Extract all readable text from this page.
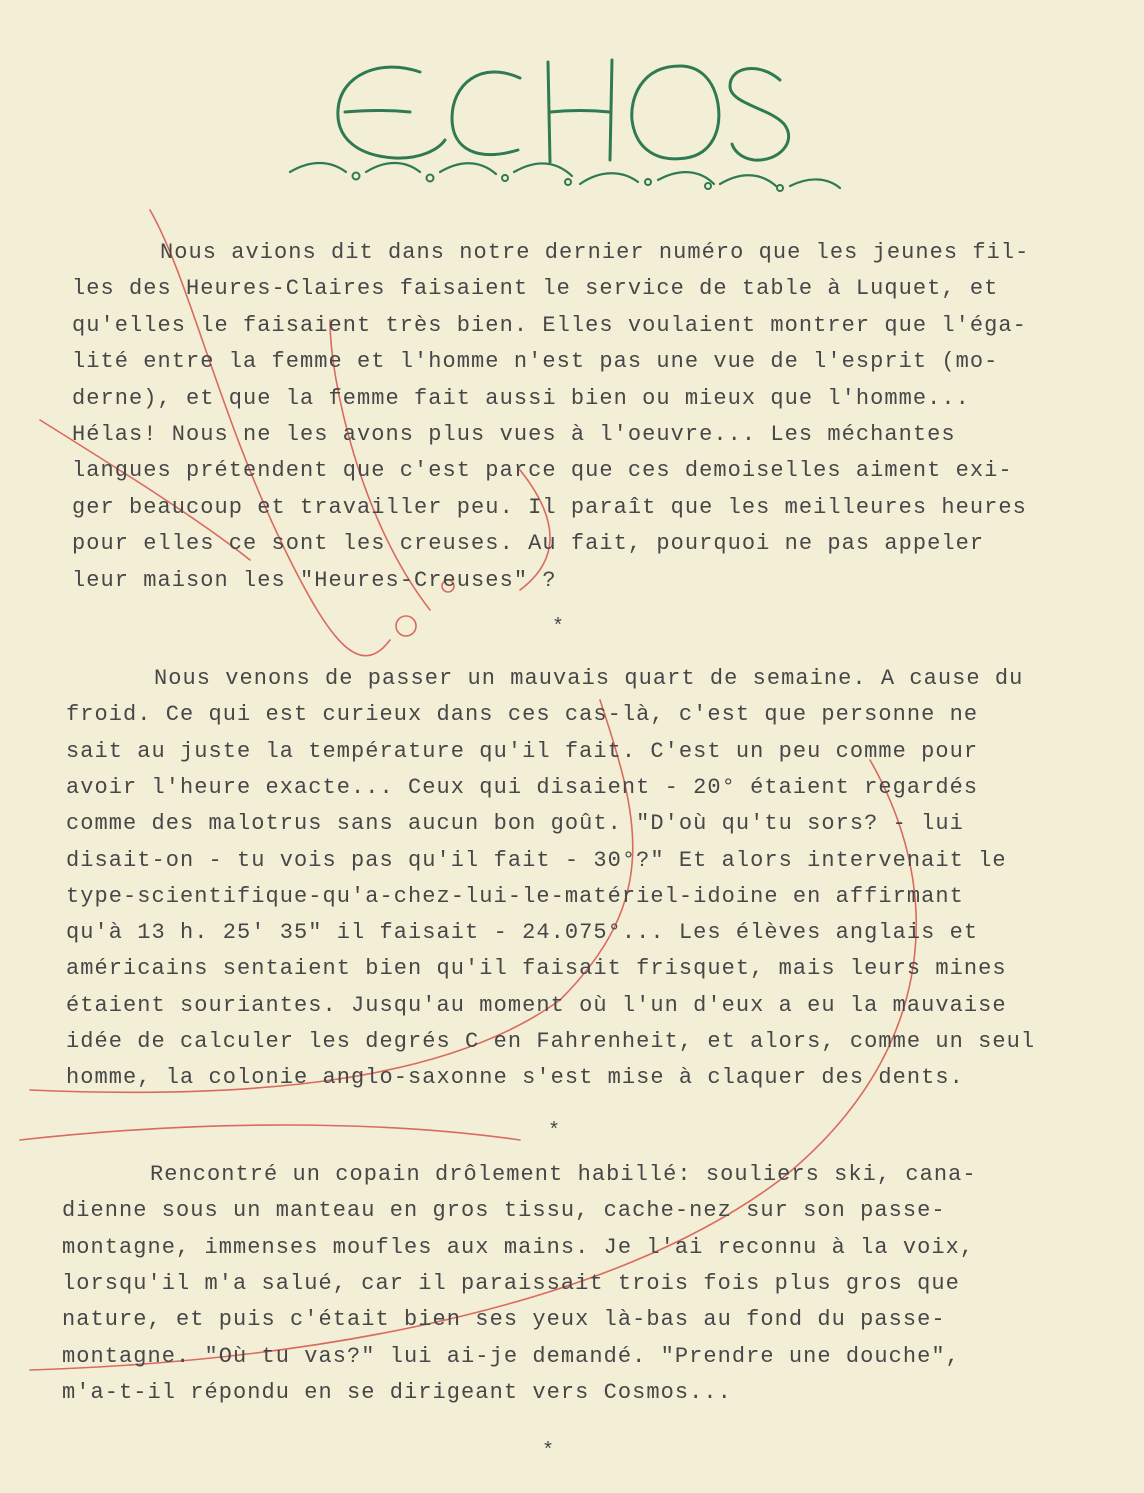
Nous avions dit dans notre dernier numéro que les jeunes fil-
les des Heures-Claires faisaient le service de table à Luquet, et
qu'elles le faisaient très bien. Elles voulaient montrer que l'éga-
lité entre la femme et l'homme n'est pas une vue de l'esprit (mo-
derne), et que la femme fait aussi bien ou mieux que l'homme...
Hélas! Nous ne les avons plus vues à l'oeuvre... Les méchantes
langues prétendent que c'est parce que ces demoiselles aiment exi-
ger beaucoup et travailler peu. Il paraît que les meilleures heures
pour elles ce sont les creuses. Au fait, pourquoi ne pas appeler
leur maison les "Heures-Creuses" ?
Nous venons de passer un mauvais quart de semaine. A cause du
froid. Ce qui est curieux dans ces cas-là, c'est que personne ne
sait au juste la température qu'il fait. C'est un peu comme pour
avoir l'heure exacte... Ceux qui disaient - 20° étaient regardés
comme des malotrus sans aucun bon goût. "D'où qu'tu sors? - lui
disait-on - tu vois pas qu'il fait - 30°?" Et alors intervenait le
type-scientifique-qu'a-chez-lui-le-matériel-idoine en affirmant
qu'à 13 h. 25' 35" il faisait - 24.075°... Les élèves anglais et
américains sentaient bien qu'il faisait frisquet, mais leurs mines
étaient souriantes. Jusqu'au moment où l'un d'eux a eu la mauvaise
idée de calculer les degrés C en Fahrenheit, et alors, comme un seul
homme, la colonie anglo-saxonne s'est mise à claquer des dents.
Rencontré un copain drôlement habillé: souliers ski, cana-
dienne sous un manteau en gros tissu, cache-nez sur son passe-
montagne, immenses moufles aux mains. Je l'ai reconnu à la voix,
lorsqu'il m'a salué, car il paraissait trois fois plus gros que
nature, et puis c'était bien ses yeux là-bas au fond du passe-
montagne. "Où tu vas?" lui ai-je demandé. "Prendre une douche",
m'a-t-il répondu en se dirigeant vers Cosmos...
*
*
*
